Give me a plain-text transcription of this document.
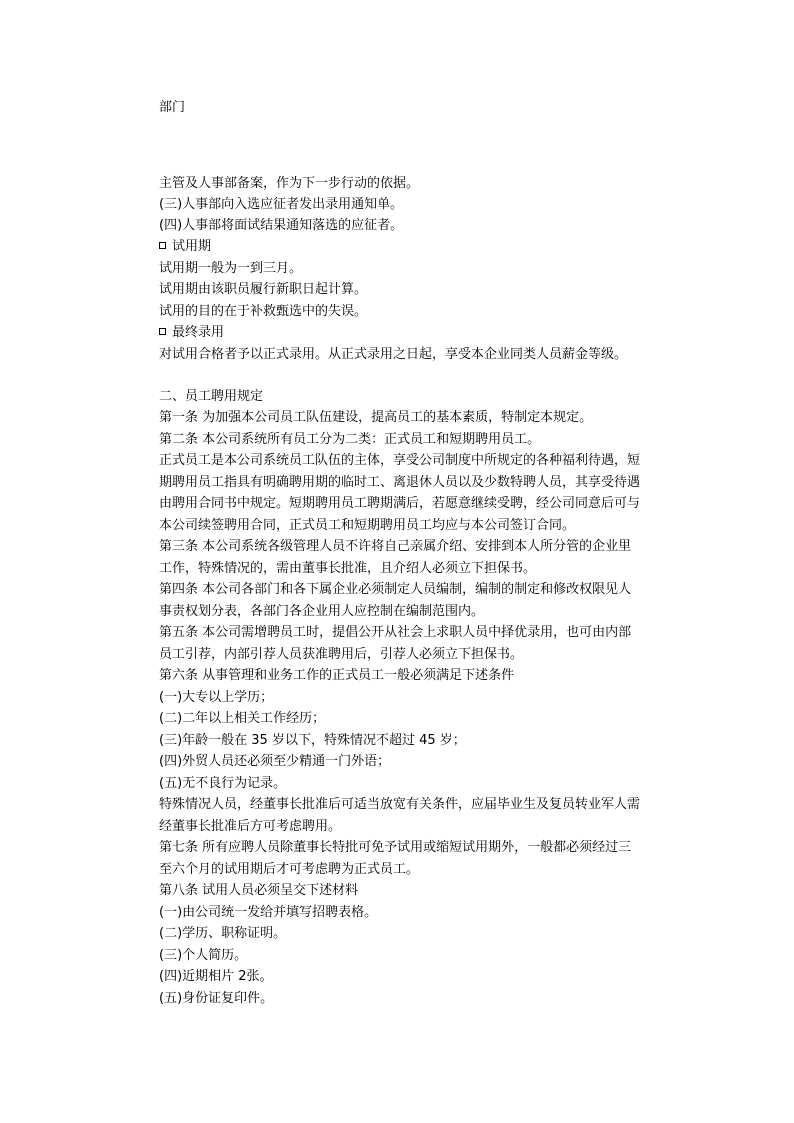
部门
主管及人事部备案，作为下一步行动的依据。
(三)人事部向入选应征者发出录用通知单。
(四)人事部将面试结果通知落选的应征者。
试用期
试用期一般为一到三月。
试用期由该职员履行新职日起计算。
试用的目的在于补救甄选中的失误。
最终录用
对试用合格者予以正式录用。从正式录用之日起，享受本企业同类人员薪金等级。
二、员工聘用规定
第一条 为加强本公司员工队伍建设，提高员工的基本素质，特制定本规定。
第二条 本公司系统所有员工分为二类：正式员工和短期聘用员工。
正式员工是本公司系统员工队伍的主体，享受公司制度中所规定的各种福利待遇，短
期聘用员工指具有明确聘用期的临时工、离退休人员以及少数特聘人员，其享受待遇
由聘用合同书中规定。短期聘用员工聘期满后，若愿意继续受聘，经公司同意后可与
本公司续签聘用合同，正式员工和短期聘用员工均应与本公司签订合同。
第三条 本公司系统各级管理人员不许将自己亲属介绍、安排到本人所分管的企业里
工作，特殊情况的，需由董事长批准，且介绍人必须立下担保书。
第四条 本公司各部门和各下属企业必须制定人员编制，编制的制定和修改权限见人
事责权划分表，各部门各企业用人应控制在编制范围内。
第五条 本公司需增聘员工时，提倡公开从社会上求职人员中择优录用，也可由内部
员工引荐，内部引荐人员获准聘用后，引荐人必须立下担保书。
第六条 从事管理和业务工作的正式员工一般必须满足下述条件
(一)大专以上学历；
(二)二年以上相关工作经历；
(三)年龄一般在 35 岁以下，特殊情况不超过 45 岁；
(四)外贸人员还必须至少精通一门外语；
(五)无不良行为记录。
特殊情况人员，经董事长批准后可适当放宽有关条件，应届毕业生及复员转业军人需
经董事长批准后方可考虑聘用。
第七条 所有应聘人员除董事长特批可免予试用或缩短试用期外，一般都必须经过三
至六个月的试用期后才可考虑聘为正式员工。
第八条 试用人员必须呈交下述材料
(一)由公司统一发给并填写招聘表格。
(二)学历、职称证明。
(三)个人简历。
(四)近期相片 2张。
(五)身份证复印件。
